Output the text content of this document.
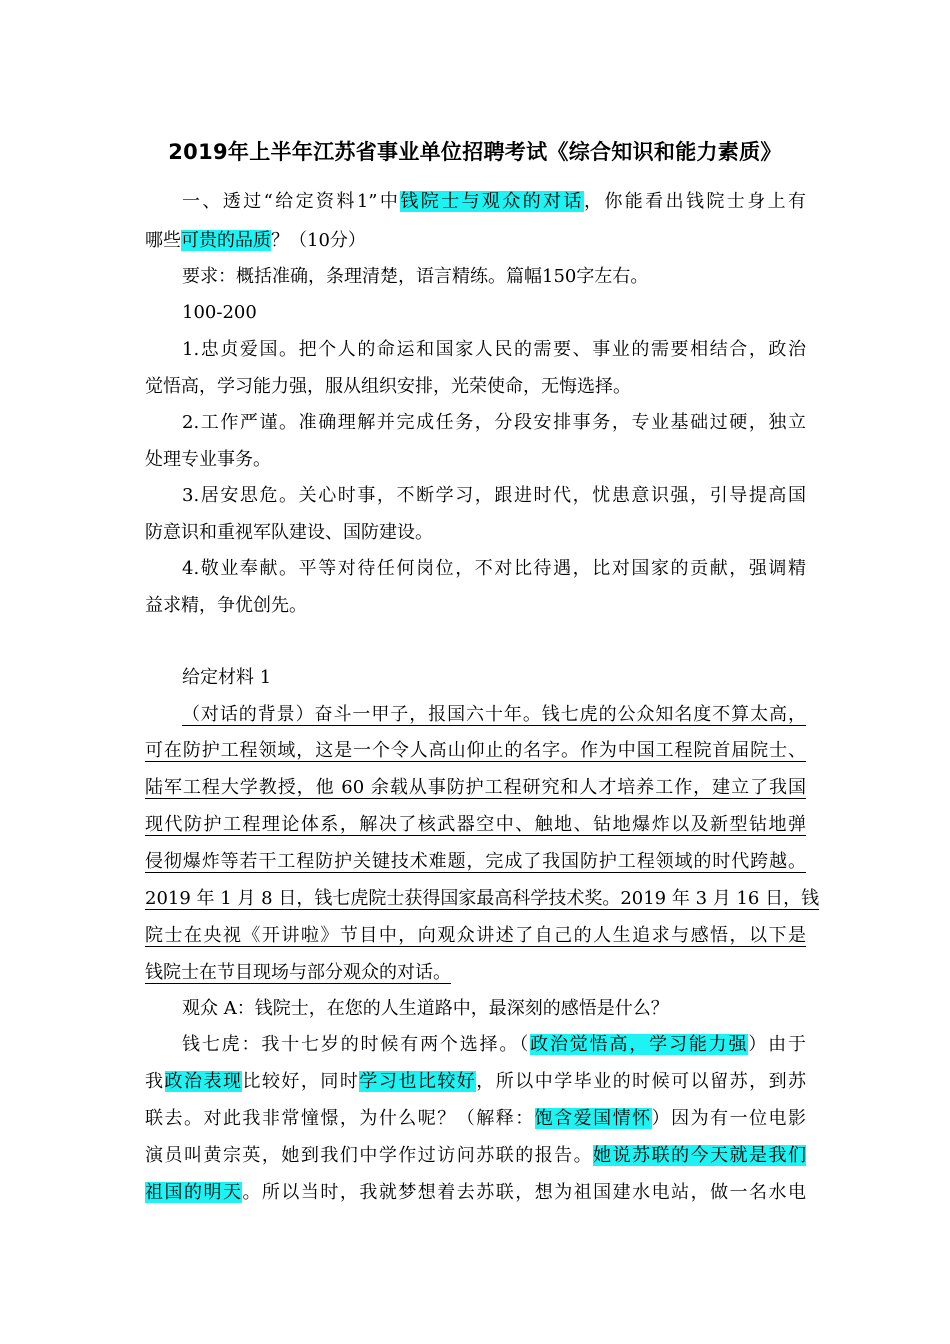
2019年上半年江苏省事业单位招聘考试《综合知识和能力素质》
一、透过“给定资料1”中钱院士与观众的对话，你能看出钱院士身上有
哪些可贵的品质？（10分）
要求：概括准确，条理清楚，语言精练。篇幅150字左右。
100-200
1.忠贞爱国。把个人的命运和国家人民的需要、事业的需要相结合，政治
觉悟高，学习能力强，服从组织安排，光荣使命，无悔选择。
2.工作严谨。准确理解并完成任务，分段安排事务，专业基础过硬，独立
处理专业事务。
3.居安思危。关心时事，不断学习，跟进时代，忧患意识强，引导提高国
防意识和重视军队建设、国防建设。
4.敬业奉献。平等对待任何岗位，不对比待遇，比对国家的贡献，强调精
益求精，争优创先。
给定材料 1
（对话的背景）奋斗一甲子，报国六十年。钱七虎的公众知名度不算太高，
可在防护工程领域，这是一个令人高山仰止的名字。作为中国工程院首届院士、
陆军工程大学教授，他 60 余载从事防护工程研究和人才培养工作，建立了我国
现代防护工程理论体系，解决了核武器空中、触地、钻地爆炸以及新型钻地弹
侵彻爆炸等若干工程防护关键技术难题，完成了我国防护工程领域的时代跨越。
2019 年 1 月 8 日，钱七虎院士获得国家最高科学技术奖。2019 年 3 月 16 日，钱
院士在央视《开讲啦》节目中，向观众讲述了自己的人生追求与感悟，以下是
钱院士在节目现场与部分观众的对话。
观众 A：钱院士，在您的人生道路中，最深刻的感悟是什么？
钱七虎：我十七岁的时候有两个选择。（政治觉悟高，学习能力强）由于
我政治表现比较好，同时学习也比较好，所以中学毕业的时候可以留苏，到苏
联去。对此我非常憧憬，为什么呢？（解释：饱含爱国情怀）因为有一位电影
演员叫黄宗英，她到我们中学作过访问苏联的报告。她说苏联的今天就是我们
祖国的明天。所以当时，我就梦想着去苏联，想为祖国建水电站，做一名水电
